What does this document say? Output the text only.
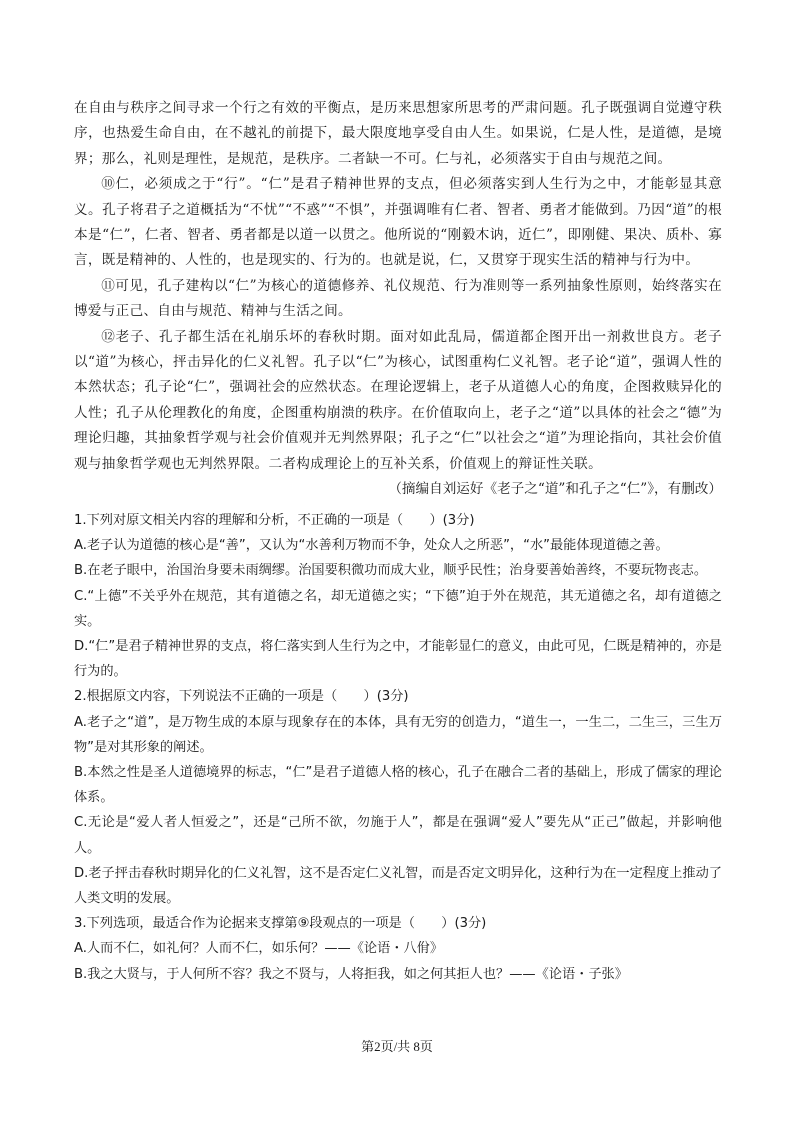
在自由与秩序之间寻求一个行之有效的平衡点，是历来思想家所思考的严肃问题。孔子既强调自觉遵守秩序，也热爱生命自由，在不越礼的前提下，最大限度地享受自由人生。如果说，仁是人性，是道德，是境界；那么，礼则是理性，是规范，是秩序。二者缺一不可。仁与礼，必须落实于自由与规范之间。

⑩仁，必须成之于“行”。“仁”是君子精神世界的支点，但必须落实到人生行为之中，才能彰显其意义。孔子将君子之道概括为“不忧”“不惑”“不惧”，并强调唯有仁者、智者、勇者才能做到。乃因“道”的根本是“仁”，仁者、智者、勇者都是以道一以贯之。他所说的“刚毅木讷，近仁”，即刚健、果决、质朴、寡言，既是精神的、人性的，也是现实的、行为的。也就是说，仁，又贯穿于现实生活的精神与行为中。

⑪可见，孔子建构以“仁”为核心的道德修养、礼仪规范、行为准则等一系列抽象性原则，始终落实在博爱与正己、自由与规范、精神与生活之间。

⑫老子、孔子都生活在礼崩乐坏的春秋时期。面对如此乱局，儒道都企图开出一剂救世良方。老子以“道”为核心，抨击异化的仁义礼智。孔子以“仁”为核心，试图重构仁义礼智。老子论“道”，强调人性的本然状态；孔子论“仁”，强调社会的应然状态。在理论逻辑上，老子从道德人心的角度，企图救赎异化的人性；孔子从伦理教化的角度，企图重构崩溃的秩序。在价值取向上，老子之“道”以具体的社会之“德”为理论归趣，其抽象哲学观与社会价值观并无判然界限；孔子之“仁”以社会之“道”为理论指向，其社会价值观与抽象哲学观也无判然界限。二者构成理论上的互补关系，价值观上的辩证性关联。

（摘编自刘运好《老子之“道”和孔子之“仁”》，有删改）

1.下列对原文相关内容的理解和分析，不正确的一项是（　　）(3分)

A.老子认为道德的核心是“善”，又认为“水善利万物而不争，处众人之所恶”，“水”最能体现道德之善。

B.在老子眼中，治国治身要未雨绸缪。治国要积微功而成大业，顺乎民性；治身要善始善终，不要玩物丧志。

C.“上德”不关乎外在规范，其有道德之名，却无道德之实；“下德”迫于外在规范，其无道德之名，却有道德之实。

D.“仁”是君子精神世界的支点，将仁落实到人生行为之中，才能彰显仁的意义，由此可见，仁既是精神的，亦是行为的。

2.根据原文内容，下列说法不正确的一项是（　　）(3分)

A.老子之“道”，是万物生成的本原与现象存在的本体，具有无穷的创造力，“道生一，一生二，二生三，三生万物”是对其形象的阐述。

B.本然之性是圣人道德境界的标志，“仁”是君子道德人格的核心，孔子在融合二者的基础上，形成了儒家的理论体系。

C.无论是“爱人者人恒爱之”，还是“己所不欲，勿施于人”，都是在强调“爱人”要先从“正己”做起，并影响他人。

D.老子抨击春秋时期异化的仁义礼智，这不是否定仁义礼智，而是否定文明异化，这种行为在一定程度上推动了人类文明的发展。

3.下列选项，最适合作为论据来支撑第⑨段观点的一项是（　　）(3分)

A.人而不仁，如礼何？人而不仁，如乐何？——《论语・八佾》

B.我之大贤与，于人何所不容？我之不贤与，人将拒我，如之何其拒人也？——《论语・子张》

第2页/共 8页
